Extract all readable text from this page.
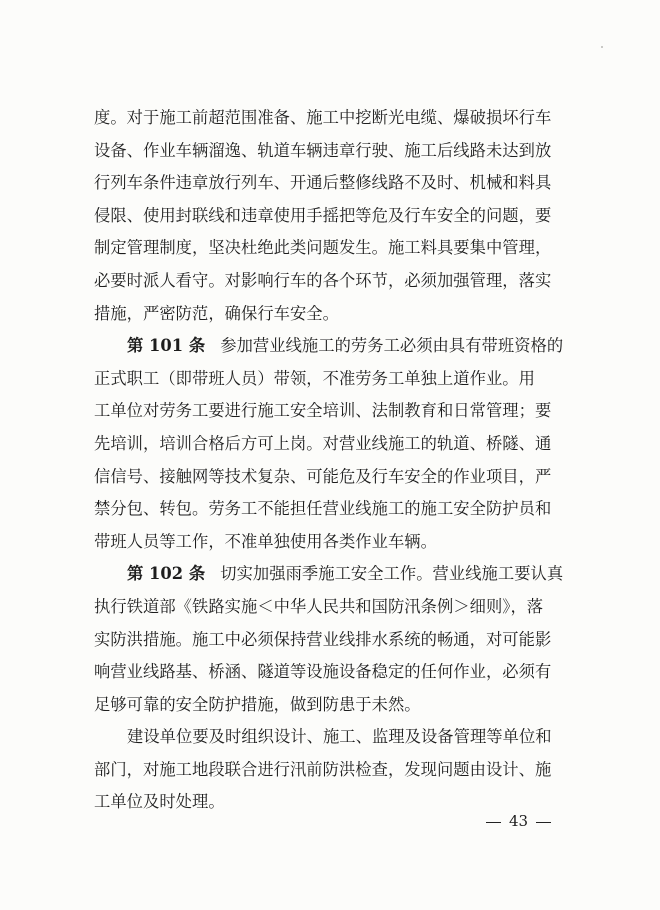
度。对于施工前超范围准备、施工中挖断光电缆、爆破损坏行车
设备、作业车辆溜逸、轨道车辆违章行驶、施工后线路未达到放
行列车条件违章放行列车、开通后整修线路不及时、机械和料具
侵限、使用封联线和违章使用手摇把等危及行车安全的问题，要
制定管理制度，坚决杜绝此类问题发生。施工料具要集中管理，
必要时派人看守。对影响行车的各个环节，必须加强管理，落实
措施，严密防范，确保行车安全。
第 101 条 参加营业线施工的劳务工必须由具有带班资格的
正式职工（即带班人员）带领，不准劳务工单独上道作业。用
工单位对劳务工要进行施工安全培训、法制教育和日常管理；要
先培训，培训合格后方可上岗。对营业线施工的轨道、桥隧、通
信信号、接触网等技术复杂、可能危及行车安全的作业项目，严
禁分包、转包。劳务工不能担任营业线施工的施工安全防护员和
带班人员等工作，不准单独使用各类作业车辆。
第 102 条 切实加强雨季施工安全工作。营业线施工要认真
执行铁道部《铁路实施＜中华人民共和国防汛条例＞细则》，落
实防洪措施。施工中必须保持营业线排水系统的畅通，对可能影
响营业线路基、桥涵、隧道等设施设备稳定的任何作业，必须有
足够可靠的安全防护措施，做到防患于未然。
建设单位要及时组织设计、施工、监理及设备管理等单位和
部门，对施工地段联合进行汛前防洪检查，发现问题由设计、施
工单位及时处理。
43
